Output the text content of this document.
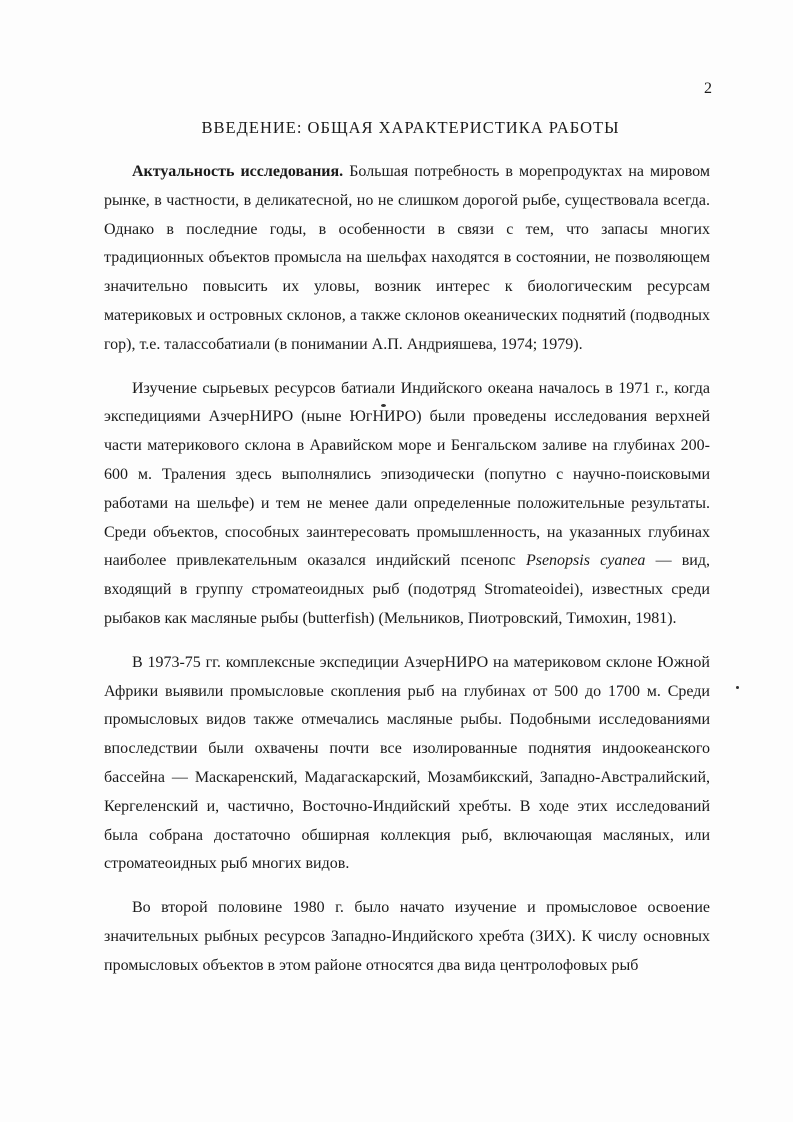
2
ВВЕДЕНИЕ: ОБЩАЯ ХАРАКТЕРИСТИКА РАБОТЫ

Актуальность исследования. Большая потребность в морепродуктах на мировом рынке, в частности, в деликатесной, но не слишком дорогой рыбе, существовала всегда. Однако в последние годы, в особенности в связи с тем, что запасы многих традиционных объектов промысла на шельфах находятся в состоянии, не позволяющем значительно повысить их уловы, возник интерес к биологическим ресурсам материковых и островных склонов, а также склонов океанических поднятий (подводных гор), т.е. талассобатиали (в понимании А.П. Андрияшева, 1974; 1979).

Изучение сырьевых ресурсов батиали Индийского океана началось в 1971 г., когда экспедициями АзчерНИРО (ныне ЮгНИРО) были проведены исследования верхней части материкового склона в Аравийском море и Бенгальском заливе на глубинах 200-600 м. Траления здесь выполнялись эпизодически (попутно с научно-поисковыми работами на шельфе) и тем не менее дали определенные положительные результаты. Среди объектов, способных заинтересовать промышленность, на указанных глубинах наиболее привлекательным оказался индийский псенопс Psenopsis cyanea — вид, входящий в группу строматеоидных рыб (подотряд Stromateoidei), известных среди рыбаков как масляные рыбы (butterfish) (Мельников, Пиотровский, Тимохин, 1981).

В 1973-75 гг. комплексные экспедиции АзчерНИРО на материковом склоне Южной Африки выявили промысловые скопления рыб на глубинах от 500 до 1700 м. Среди промысловых видов также отмечались масляные рыбы. Подобными исследованиями впоследствии были охвачены почти все изолированные поднятия индоокеанского бассейна — Маскаренский, Мадагаскарский, Мозамбикский, Западно-Австралийский, Кергеленский и, частично, Восточно-Индийский хребты. В ходе этих исследований была собрана достаточно обширная коллекция рыб, включающая масляных, или строматеоидных рыб многих видов.

Во второй половине 1980 г. было начато изучение и промысловое освоение значительных рыбных ресурсов Западно-Индийского хребта (ЗИХ). К числу основных промысловых объектов в этом районе относятся два вида центролофовых рыб
